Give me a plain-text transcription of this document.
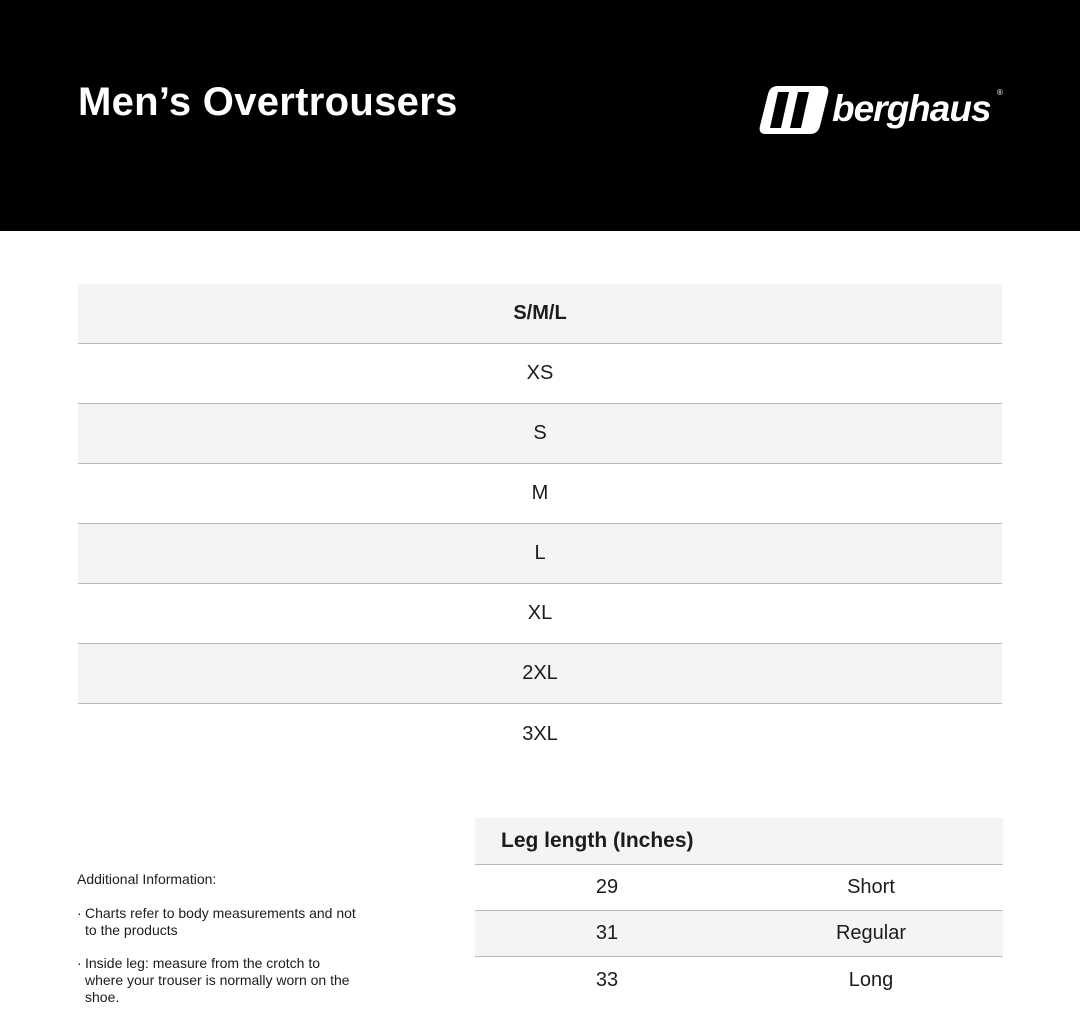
Men’s Overtrousers	berghaus ®
S/M/L
XS
S
M
L
XL
2XL
3XL
Additional Information:
· Charts refer to body measurements and not to the products
· Inside leg: measure from the crotch to where your trouser is normally worn on the shoe.
Leg length (Inches)
29	Short
31	Regular
33	Long
